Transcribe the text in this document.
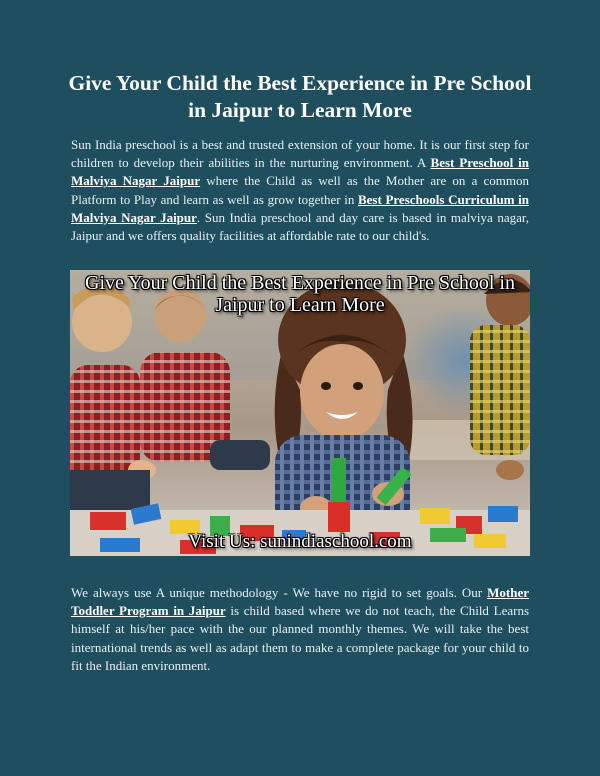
Give Your Child the Best Experience in Pre School in Jaipur to Learn More

Sun India preschool is a best and trusted extension of your home. It is our first step for children to develop their abilities in the nurturing environment. A Best Preschool in Malviya Nagar Jaipur where the Child as well as the Mother are on a common Platform to Play and learn as well as grow together in Best Preschools Curriculum in Malviya Nagar Jaipur. Sun India preschool and day care is based in malviya nagar, Jaipur and we offers quality facilities at affordable rate to our child's.

Give Your Child the Best Experience in Pre School in Jaipur to Learn More
Visit Us: sunindiaschool.com

We always use A unique methodology - We have no rigid to set goals. Our Mother Toddler Program in Jaipur is child based where we do not teach, the Child Learns himself at his/her pace with the our planned monthly themes. We will take the best international trends as well as adapt them to make a complete package for your child to fit the Indian environment.
